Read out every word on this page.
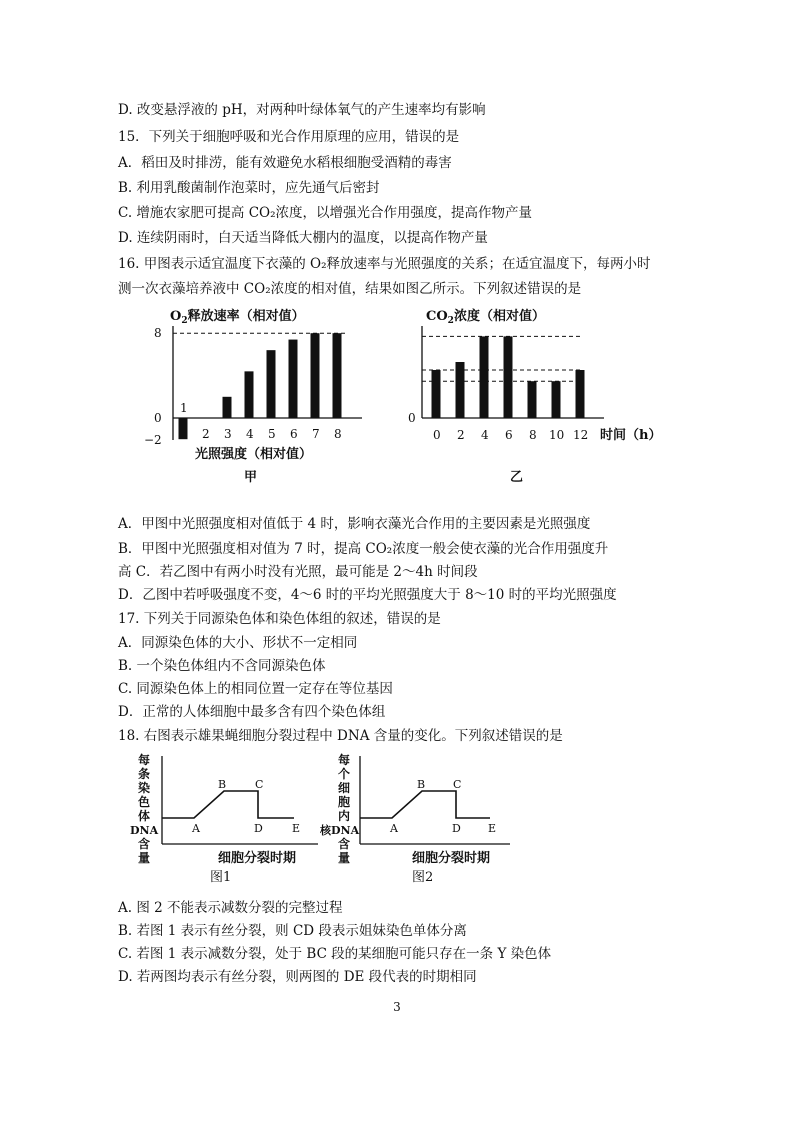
D. 改变悬浮液的 pH，对两种叶绿体氧气的产生速率均有影响
15．下列关于细胞呼吸和光合作用原理的应用，错误的是
A．稻田及时排涝，能有效避免水稻根细胞受酒精的毒害
B. 利用乳酸菌制作泡菜时，应先通气后密封
C. 增施农家肥可提高 CO₂浓度，以增强光合作用强度，提高作物产量
D. 连续阴雨时，白天适当降低大棚内的温度，以提高作物产量
16. 甲图表示适宜温度下衣藻的 O₂释放速率与光照强度的关系；在适宜温度下，每两小时
测一次衣藻培养液中 CO₂浓度的相对值，结果如图乙所示。下列叙述错误的是
$O_2$释放速率（相对值）
8
0
−2
1
2 3 4 5 6 7 8
光照强度（相对值）
甲
$CO_2$浓度（相对值）
0
0 2 4 6 8 10 12 时间（h）
乙
A．甲图中光照强度相对值低于 4 时，影响衣藻光合作用的主要因素是光照强度
B．甲图中光照强度相对值为 7 时，提高 CO₂浓度一般会使衣藻的光合作用强度升
高 C．若乙图中有两小时没有光照，最可能是 2～4h 时间段
D．乙图中若呼吸强度不变，4～6 时的平均光照强度大于 8～10 时的平均光照强度
17. 下列关于同源染色体和染色体组的叙述，错误的是
A．同源染色体的大小、形状不一定相同
B. 一个染色体组内不含同源染色体
C. 同源染色体上的相同位置一定存在等位基因
D．正常的人体细胞中最多含有四个染色体组
18. 右图表示雄果蝇细胞分裂过程中 DNA 含量的变化。下列叙述错误的是
每
条
染
色
体
DNA
含
量
A
B	C
D	E
细胞分裂时期
图1
每
个
细
胞
内
核DNA
含
量
A
B	C
D E
细胞分裂时期
图2
A. 图 2 不能表示减数分裂的完整过程
B. 若图 1 表示有丝分裂，则 CD 段表示姐妹染色单体分离
C. 若图 1 表示减数分裂，处于 BC 段的某细胞可能只存在一条 Y 染色体
D. 若两图均表示有丝分裂，则两图的 DE 段代表的时期相同
3
